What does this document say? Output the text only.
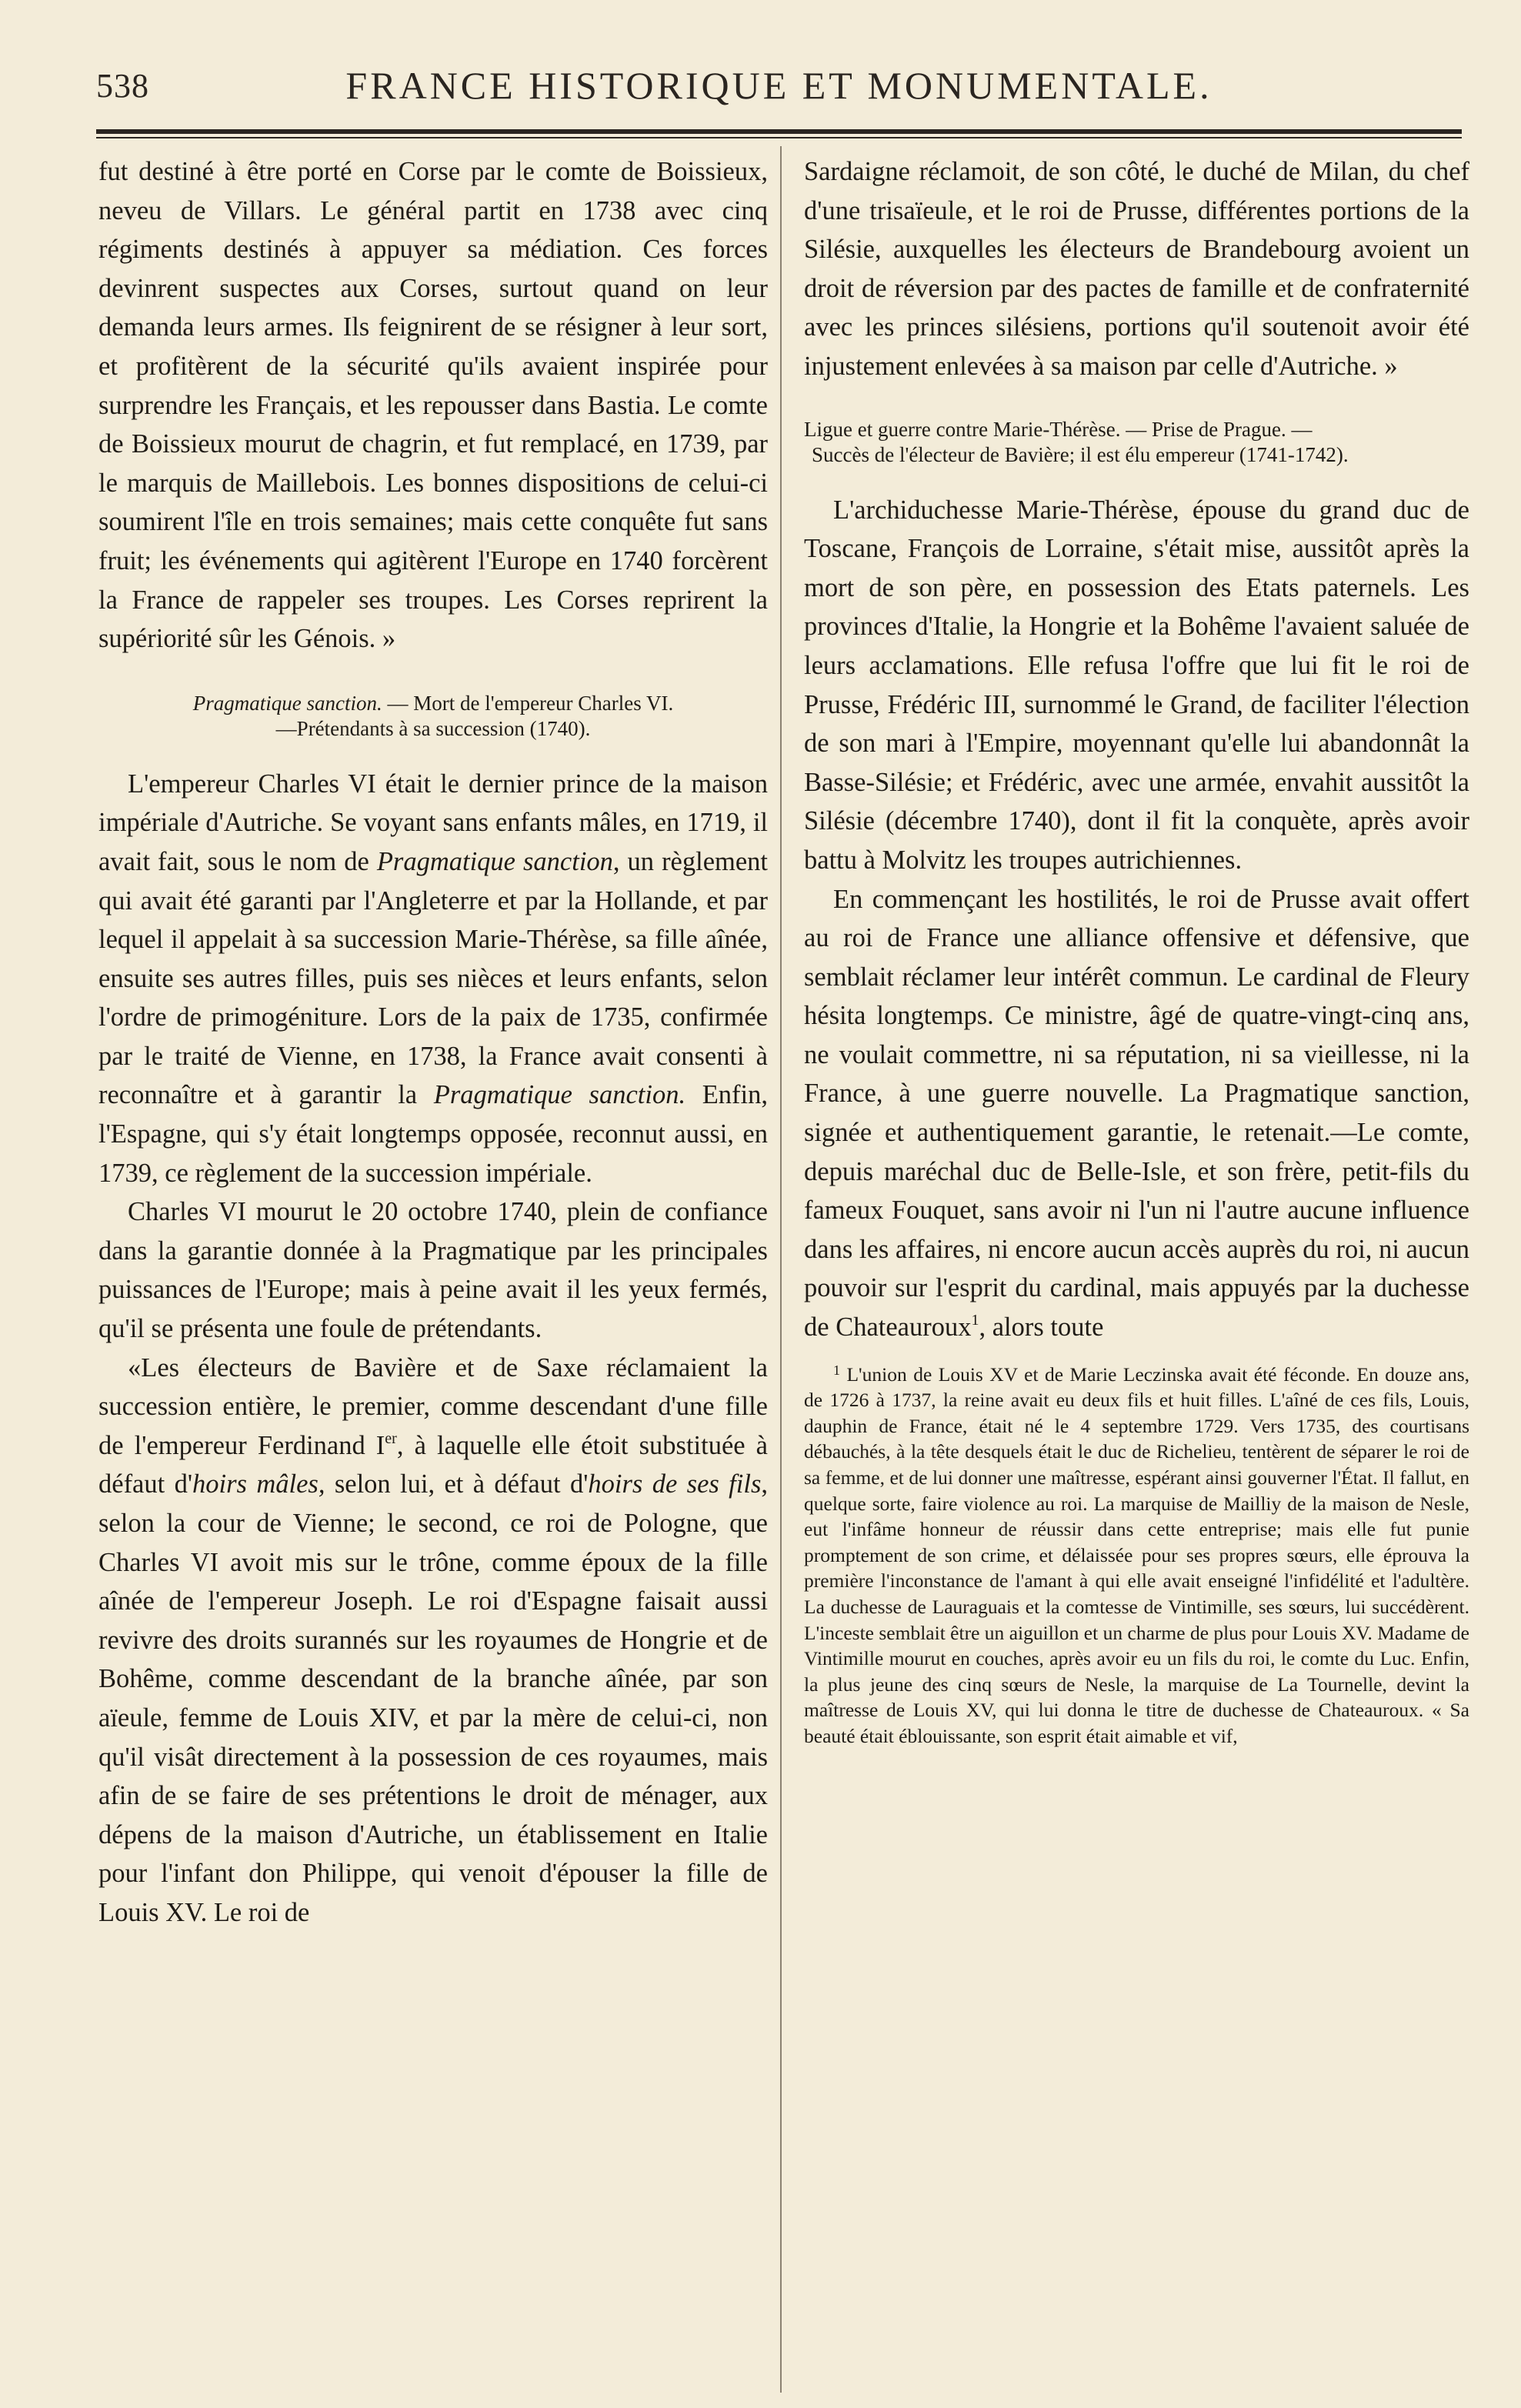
538	FRANCE HISTORIQUE ET MONUMENTALE.

fut destiné à être porté en Corse par le comte de Boissieux, neveu de Villars. Le général partit en 1738 avec cinq régiments destinés à appuyer sa médiation. Ces forces devinrent suspectes aux Corses, surtout quand on leur demanda leurs armes. Ils feignirent de se résigner à leur sort, et profitèrent de la sécurité qu'ils avaient inspirée pour surprendre les Français, et les repousser dans Bastia. Le comte de Boissieux mourut de chagrin, et fut remplacé, en 1739, par le marquis de Maillebois. Les bonnes dispositions de celui-ci soumirent l'île en trois semaines; mais cette conquête fut sans fruit; les événements qui agitèrent l'Europe en 1740 forcèrent la France de rappeler ses troupes. Les Corses reprirent la supériorité sûr les Génois. »

Pragmatique sanction. — Mort de l'empereur Charles VI.
—Prétendants à sa succession (1740).

L'empereur Charles VI était le dernier prince de la maison impériale d'Autriche. Se voyant sans enfants mâles, en 1719, il avait fait, sous le nom de Pragmatique sanction, un règlement qui avait été garanti par l'Angleterre et par la Hollande, et par lequel il appelait à sa succession Marie-Thérèse, sa fille aînée, ensuite ses autres filles, puis ses nièces et leurs enfants, selon l'ordre de primogéniture. Lors de la paix de 1735, confirmée par le traité de Vienne, en 1738, la France avait consenti à reconnaître et à garantir la Pragmatique sanction. Enfin, l'Espagne, qui s'y était longtemps opposée, reconnut aussi, en 1739, ce règlement de la succession impériale.

Charles VI mourut le 20 octobre 1740, plein de confiance dans la garantie donnée à la Pragmatique par les principales puissances de l'Europe; mais à peine avait il les yeux fermés, qu'il se présenta une foule de prétendants.

«Les électeurs de Bavière et de Saxe réclamaient la succession entière, le premier, comme descendant d'une fille de l'empereur Ferdinand Ier, à laquelle elle étoit substituée à défaut d'hoirs mâles, selon lui, et à défaut d'hoirs de ses fils, selon la cour de Vienne; le second, ce roi de Pologne, que Charles VI avoit mis sur le trône, comme époux de la fille aînée de l'empereur Joseph. Le roi d'Espagne faisait aussi revivre des droits surannés sur les royaumes de Hongrie et de Bohême, comme descendant de la branche aînée, par son aïeule, femme de Louis XIV, et par la mère de celui-ci, non qu'il visât directement à la possession de ces royaumes, mais afin de se faire de ses prétentions le droit de ménager, aux dépens de la maison d'Autriche, un établissement en Italie pour l'infant don Philippe, qui venoit d'épouser la fille de Louis XV. Le roi de

Sardaigne réclamoit, de son côté, le duché de Milan, du chef d'une trisaïeule, et le roi de Prusse, différentes portions de la Silésie, auxquelles les électeurs de Brandebourg avoient un droit de réversion par des pactes de famille et de confraternité avec les princes silésiens, portions qu'il soutenoit avoir été injustement enlevées à sa maison par celle d'Autriche. »

Ligue et guerre contre Marie-Thérèse. — Prise de Prague. —
Succès de l'électeur de Bavière; il est élu empereur (1741-1742).

L'archiduchesse Marie-Thérèse, épouse du grand duc de Toscane, François de Lorraine, s'était mise, aussitôt après la mort de son père, en possession des Etats paternels. Les provinces d'Italie, la Hongrie et la Bohême l'avaient saluée de leurs acclamations. Elle refusa l'offre que lui fit le roi de Prusse, Frédéric III, surnommé le Grand, de faciliter l'élection de son mari à l'Empire, moyennant qu'elle lui abandonnât la Basse-Silésie; et Frédéric, avec une armée, envahit aussitôt la Silésie (décembre 1740), dont il fit la conquète, après avoir battu à Molvitz les troupes autrichiennes.

En commençant les hostilités, le roi de Prusse avait offert au roi de France une alliance offensive et défensive, que semblait réclamer leur intérêt commun. Le cardinal de Fleury hésita longtemps. Ce ministre, âgé de quatre-vingt-cinq ans, ne voulait commettre, ni sa réputation, ni sa vieillesse, ni la France, à une guerre nouvelle. La Pragmatique sanction, signée et authentiquement garantie, le retenait.—Le comte, depuis maréchal duc de Belle-Isle, et son frère, petit-fils du fameux Fouquet, sans avoir ni l'un ni l'autre aucune influence dans les affaires, ni encore aucun accès auprès du roi, ni aucun pouvoir sur l'esprit du cardinal, mais appuyés par la duchesse de Chateauroux$^1$, alors toute

$^1$ L'union de Louis XV et de Marie Leczinska avait été féconde. En douze ans, de 1726 à 1737, la reine avait eu deux fils et huit filles. L'aîné de ces fils, Louis, dauphin de France, était né le 4 septembre 1729. Vers 1735, des courtisans débauchés, à la tête desquels était le duc de Richelieu, tentèrent de séparer le roi de sa femme, et de lui donner une maîtresse, espérant ainsi gouverner l'État. Il fallut, en quelque sorte, faire violence au roi. La marquise de Mailliy de la maison de Nesle, eut l'infâme honneur de réussir dans cette entreprise; mais elle fut punie promptement de son crime, et délaissée pour ses propres sœurs, elle éprouva la première l'inconstance de l'amant à qui elle avait enseigné l'infidélité et l'adultère. La duchesse de Lauraguais et la comtesse de Vintimille, ses sœurs, lui succédèrent. L'inceste semblait être un aiguillon et un charme de plus pour Louis XV. Madame de Vintimille mourut en couches, après avoir eu un fils du roi, le comte du Luc. Enfin, la plus jeune des cinq sœurs de Nesle, la marquise de La Tournelle, devint la maîtresse de Louis XV, qui lui donna le titre de duchesse de Chateauroux. « Sa beauté était éblouissante, son esprit était aimable et vif,
